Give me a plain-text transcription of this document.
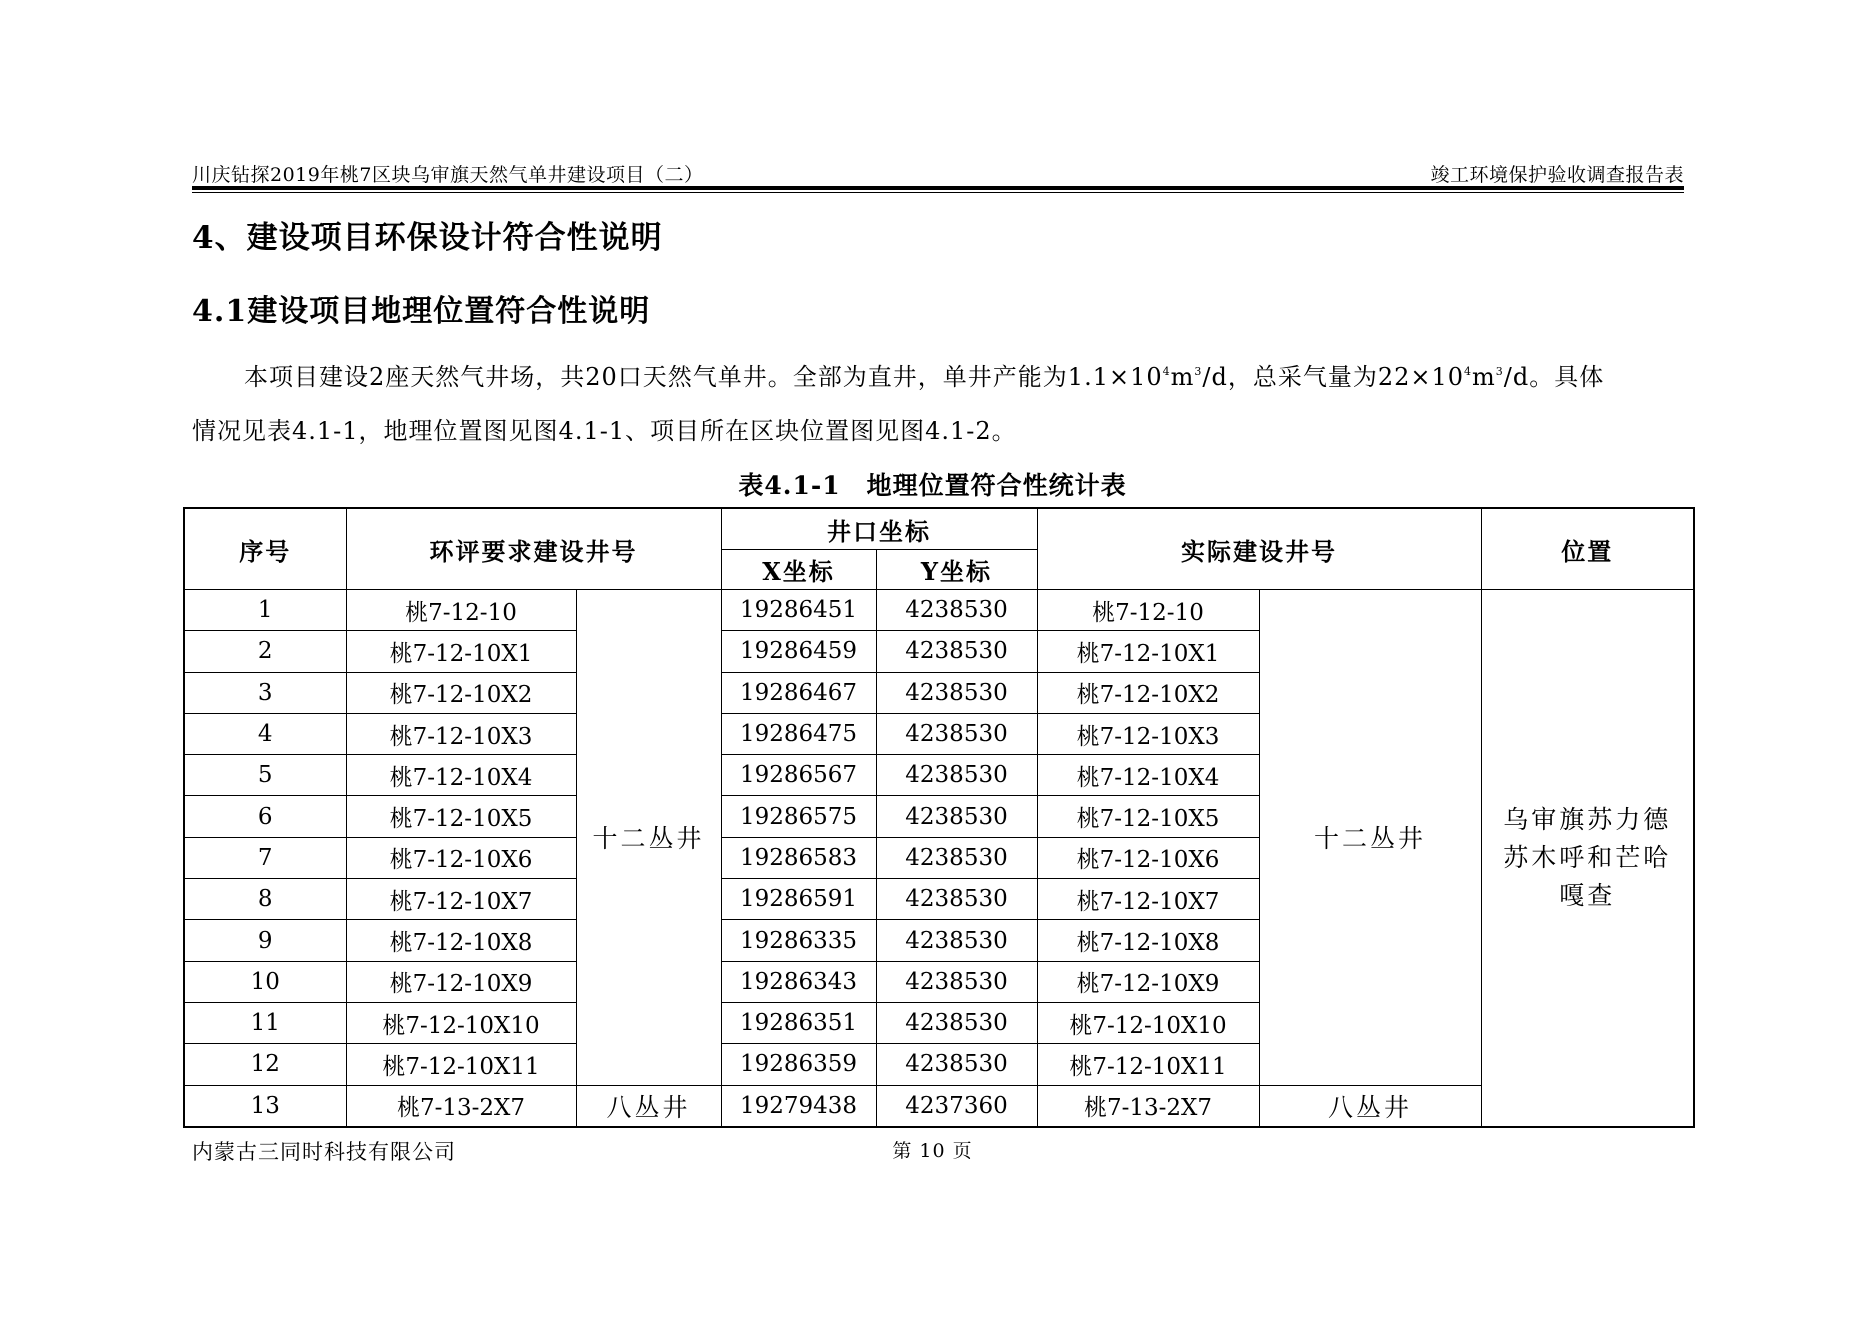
川庆钻探2019年桃7区块乌审旗天然气单井建设项目（二）	竣工环境保护验收调查报告表
4、建设项目环保设计符合性说明
4.1建设项目地理位置符合性说明
本项目建设2座天然气井场，共20口天然气单井。全部为直井，单井产能为$1.1\times 10^4m^3/d$，总采气量为$22\times 10^4m^3/d$。具体
情况见表4.1-1，地理位置图见图4.1-1、项目所在区块位置图见图4.1-2。
表4.1-1　地理位置符合性统计表
序号	环评要求建设井号		井口坐标		实际建设井号		位置
			X坐标	Y坐标			
1	桃7-12-10	十二丛井	19286451	4238530	桃7-12-10	十二丛井	乌审旗苏力德苏木呼和芒哈嘎查
2	桃7-12-10X1		19286459	4238530	桃7-12-10X1		
3	桃7-12-10X2		19286467	4238530	桃7-12-10X2		
4	桃7-12-10X3		19286475	4238530	桃7-12-10X3		
5	桃7-12-10X4		19286567	4238530	桃7-12-10X4		
6	桃7-12-10X5		19286575	4238530	桃7-12-10X5		
7	桃7-12-10X6		19286583	4238530	桃7-12-10X6		
8	桃7-12-10X7		19286591	4238530	桃7-12-10X7		
9	桃7-12-10X8		19286335	4238530	桃7-12-10X8		
10	桃7-12-10X9		19286343	4238530	桃7-12-10X9		
11	桃7-12-10X10		19286351	4238530	桃7-12-10X10		
12	桃7-12-10X11		19286359	4238530	桃7-12-10X11		
13	桃7-13-2X7	八丛井	19279438	4237360	桃7-13-2X7	八丛井	
内蒙古三同时科技有限公司	第 10 页
